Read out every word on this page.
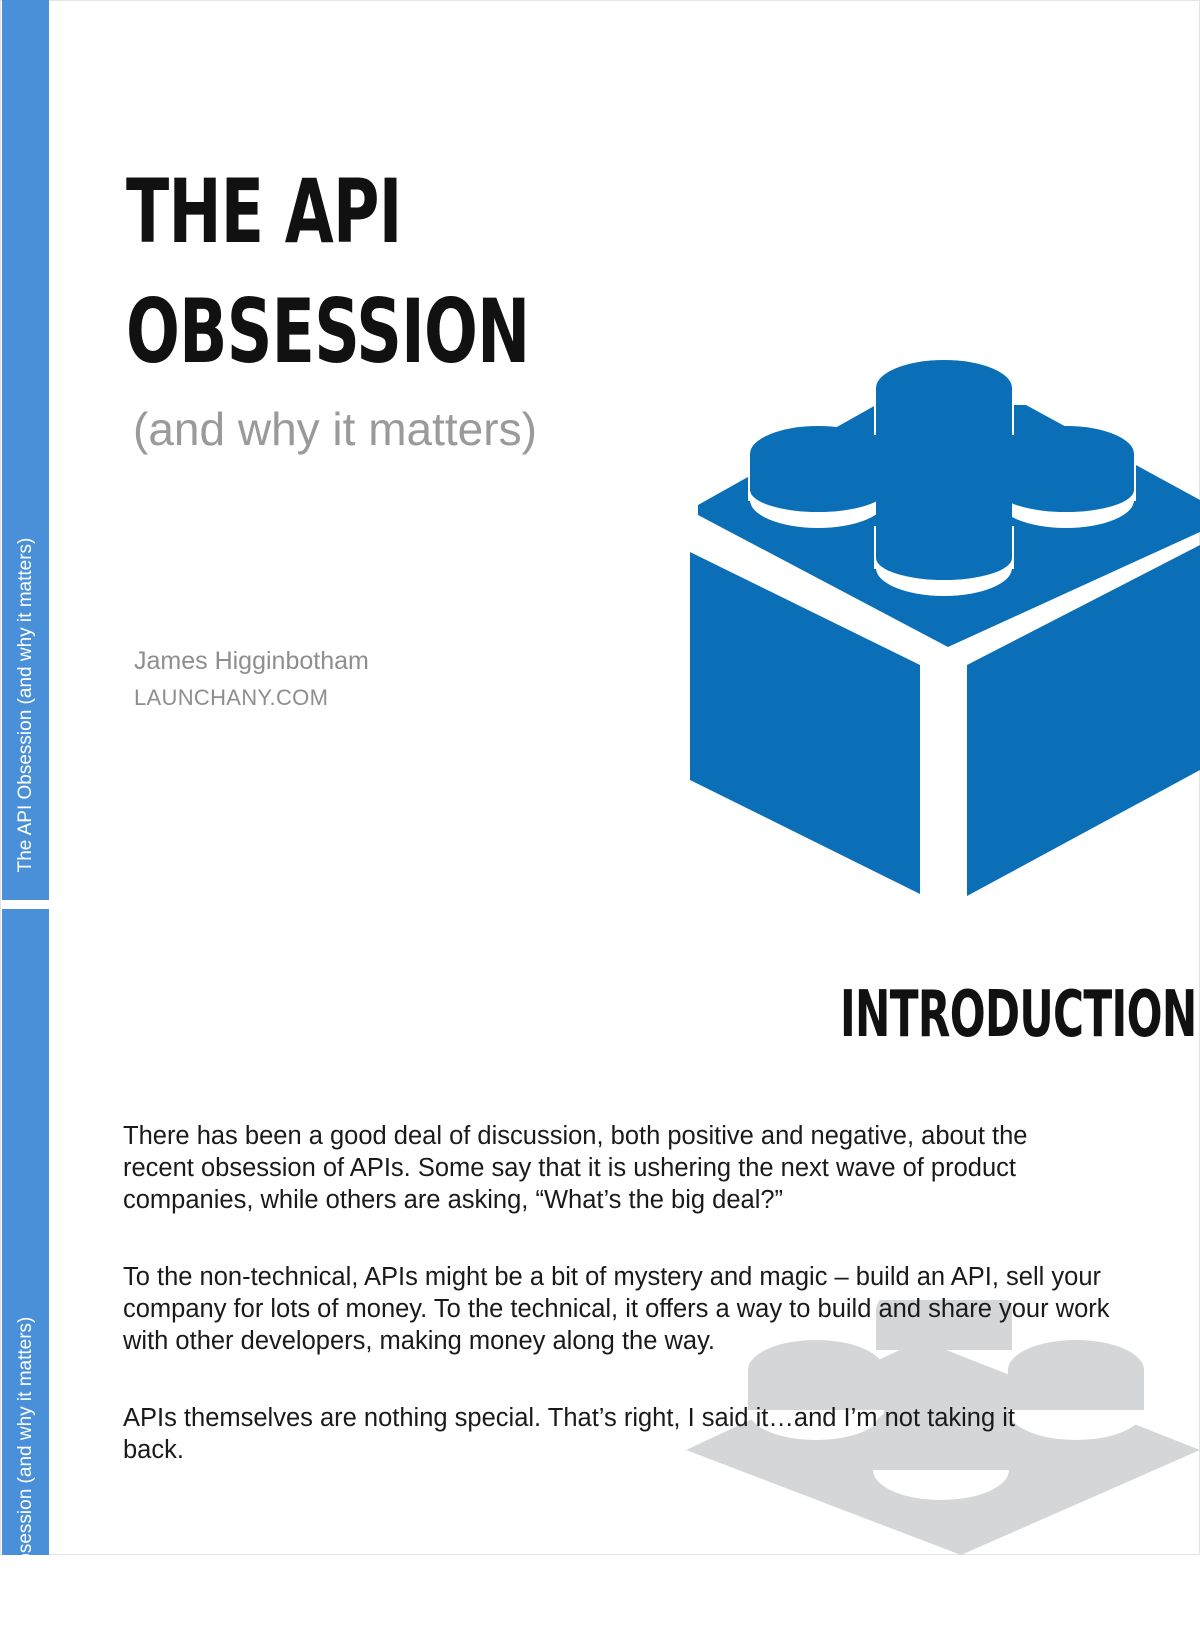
The API Obsession (and why it matters)
The API Obsession (and why it matters)
THE API
OBSESSION
(and why it matters)
James Higginbotham
LAUNCHANY.COM
INTRODUCTION

There has been a good deal of discussion, both positive and negative, about the recent obsession of APIs. Some say that it is ushering the next wave of product companies, while others are asking, “What’s the big deal?”

To the non-technical, APIs might be a bit of mystery and magic – build an API, sell your company for lots of money. To the technical, it offers a way to build and share your work with other developers, making money along the way.

APIs themselves are nothing special. That’s right, I said it…and I’m not taking it back.
